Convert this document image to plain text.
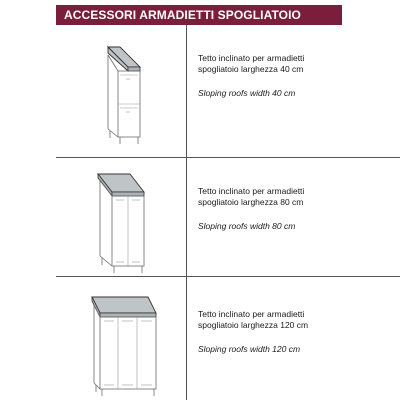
ACCESSORI ARMADIETTI SPOGLIATOIO
Tetto inclinato per armadietti
spogliatoio larghezza 40 cm
Sloping roofs width 40 cm
Tetto inclinato per armadietti
spogliatoio larghezza 80 cm
Sloping roofs width 80 cm
Tetto inclinato per armadietti
spogliatoio larghezza 120 cm
Sloping roofs width 120 cm
